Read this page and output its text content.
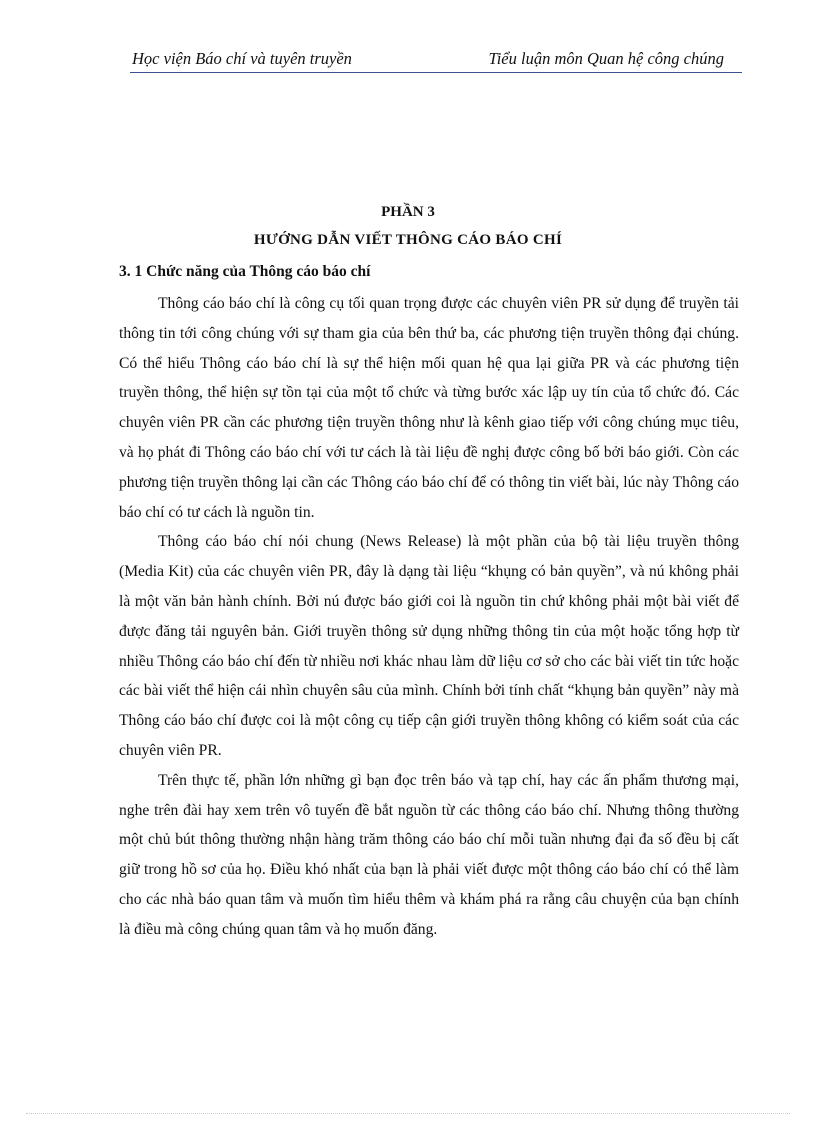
Học viện Báo chí và tuyên truyền	Tiểu luận môn Quan hệ công chúng
PHẦN 3
HƯỚNG DẪN VIẾT THÔNG CÁO BÁO CHÍ
3. 1 Chức năng của Thông cáo báo chí

Thông cáo báo chí là công cụ tối quan trọng được các chuyên viên PR sử dụng để truyền tải thông tin tới công chúng với sự tham gia của bên thứ ba, các phương tiện truyền thông đại chúng. Có thể hiểu Thông cáo báo chí là sự thể hiện mối quan hệ qua lại giữa PR và các phương tiện truyền thông, thể hiện sự tồn tại của một tổ chức và từng bước xác lập uy tín của tổ chức đó. Các chuyên viên PR cần các phương tiện truyền thông như là kênh giao tiếp với công chúng mục tiêu, và họ phát đi Thông cáo báo chí với tư cách là tài liệu đề nghị được công bố bởi báo giới. Còn các phương tiện truyền thông lại cần các Thông cáo báo chí để có thông tin viết bài, lúc này Thông cáo báo chí có tư cách là nguồn tin.

Thông cáo báo chí nói chung (News Release) là một phần của bộ tài liệu truyền thông (Media Kit) của các chuyên viên PR, đây là dạng tài liệu “khụng có bản quyền”, và nú không phải là một văn bản hành chính. Bởi nú được báo giới coi là nguồn tin chứ không phải một bài viết để được đăng tải nguyên bản. Giới truyền thông sử dụng những thông tin của một hoặc tổng hợp từ nhiều Thông cáo báo chí đến từ nhiều nơi khác nhau làm dữ liệu cơ sở cho các bài viết tin tức hoặc các bài viết thể hiện cái nhìn chuyên sâu của mình. Chính bởi tính chất “khụng bản quyền” này mà Thông cáo báo chí được coi là một công cụ tiếp cận giới truyền thông không có kiểm soát của các chuyên viên PR.

Trên thực tế, phần lớn những gì bạn đọc trên báo và tạp chí, hay các ấn phẩm thương mại, nghe trên đài hay xem trên vô tuyến đề bắt nguồn từ các thông cáo báo chí. Nhưng thông thường một chủ bút thông thường nhận hàng trăm thông cáo báo chí mỗi tuần nhưng đại đa số đều bị cất giữ trong hồ sơ của họ. Điều khó nhất của bạn là phải viết được một thông cáo báo chí có thể làm cho các nhà báo quan tâm và muốn tìm hiểu thêm và khám phá ra rằng câu chuyện của bạn chính là điều mà công chúng quan tâm và họ muốn đăng.
